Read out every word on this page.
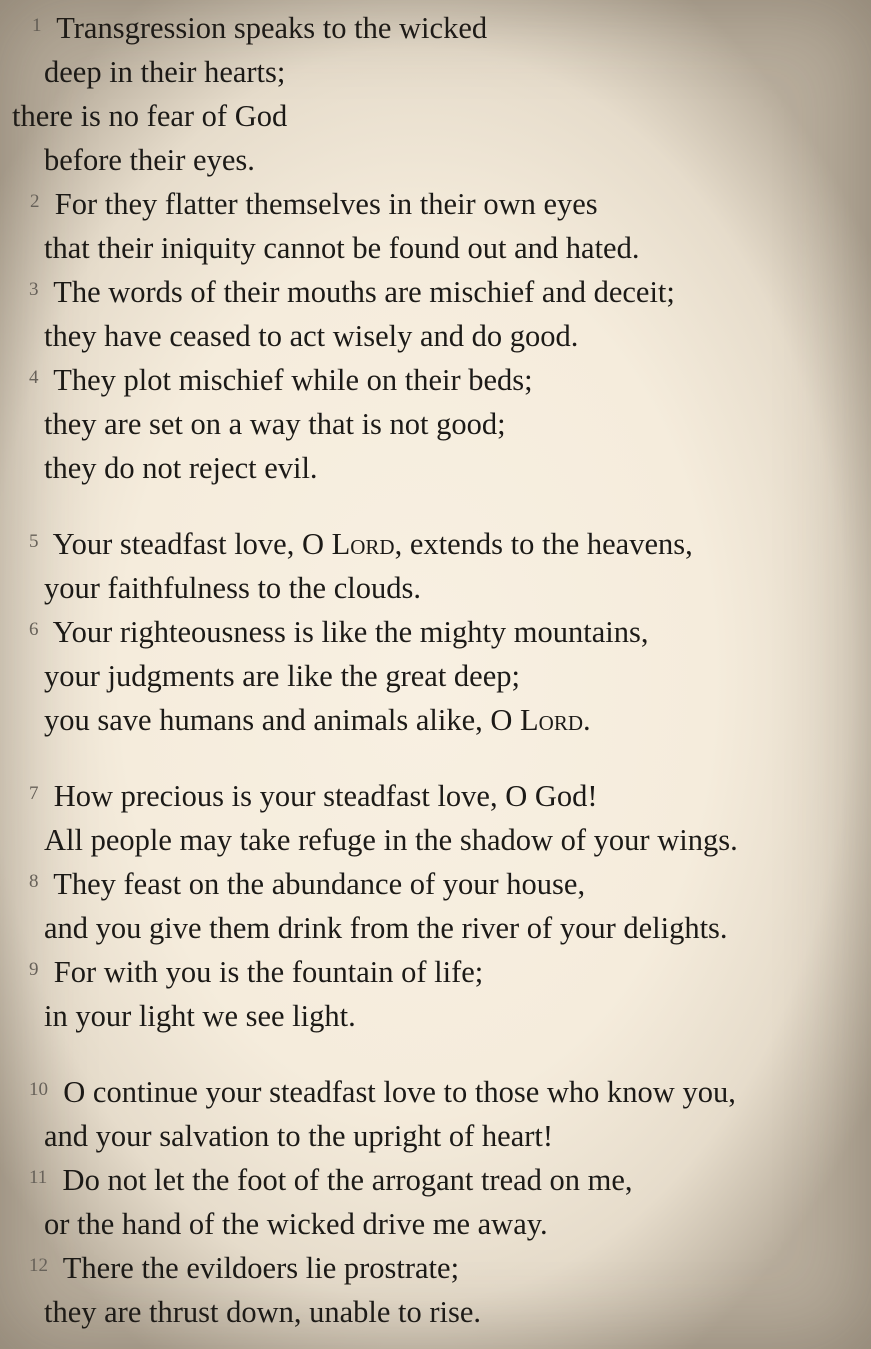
$^1$ Transgression speaks to the wicked
deep in their hearts;
there is no fear of God
before their eyes.
$^2$ For they flatter themselves in their own eyes
that their iniquity cannot be found out and hated.
$^3$ The words of their mouths are mischief and deceit;
they have ceased to act wisely and do good.
$^4$ They plot mischief while on their beds;
they are set on a way that is not good;
they do not reject evil.
$^5$ Your steadfast love, O Lord, extends to the heavens,
your faithfulness to the clouds.
$^6$ Your righteousness is like the mighty mountains,
your judgments are like the great deep;
you save humans and animals alike, O Lord.
$^7$ How precious is your steadfast love, O God!
All people may take refuge in the shadow of your wings.
$^8$ They feast on the abundance of your house,
and you give them drink from the river of your delights.
$^9$ For with you is the fountain of life;
in your light we see light.
$^{10}$ O continue your steadfast love to those who know you,
and your salvation to the upright of heart!
$^{11}$ Do not let the foot of the arrogant tread on me,
or the hand of the wicked drive me away.
$^{12}$ There the evildoers lie prostrate;
they are thrust down, unable to rise.
